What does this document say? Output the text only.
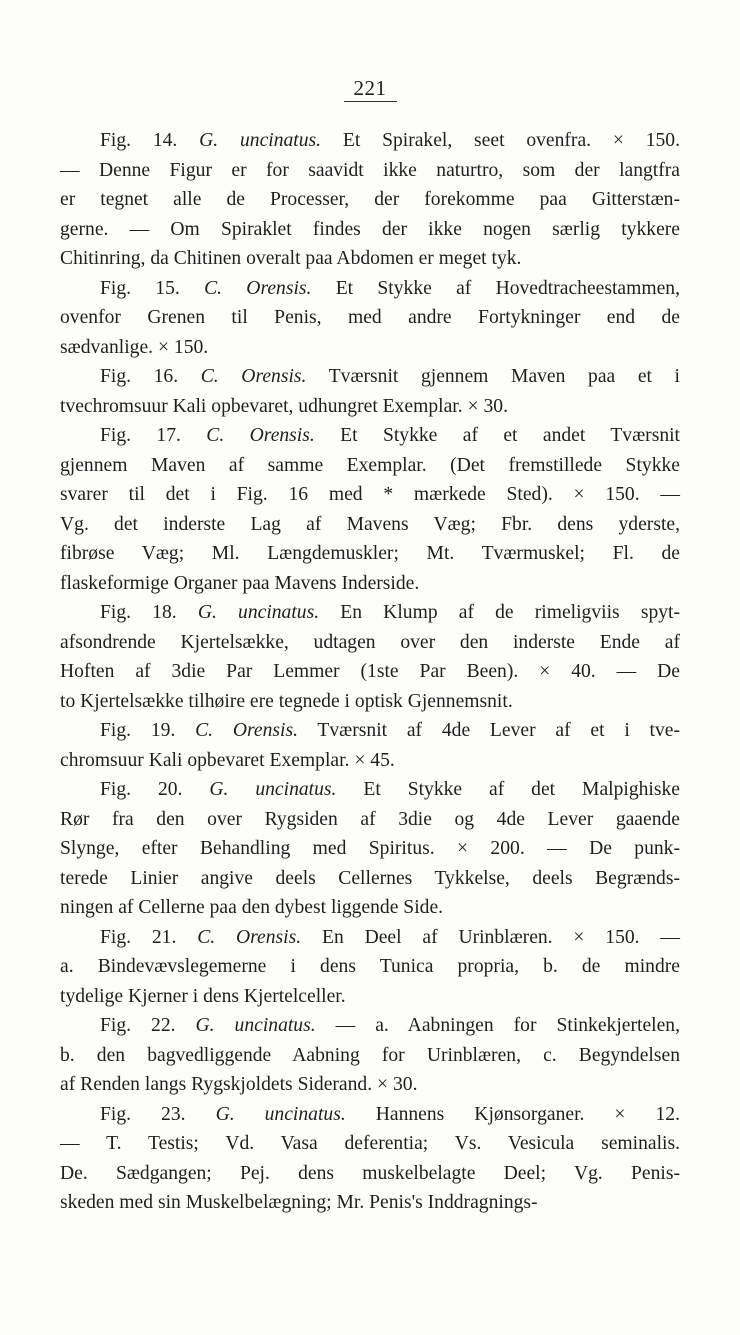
221
Fig. 14. G. uncinatus. Et Spirakel, seet ovenfra. × 150.
— Denne Figur er for saavidt ikke naturtro, som der langtfra
er tegnet alle de Processer, der forekomme paa Gitterstæn-
gerne. — Om Spiraklet findes der ikke nogen særlig tykkere
Chitinring, da Chitinen overalt paa Abdomen er meget tyk.
Fig. 15. C. Orensis. Et Stykke af Hovedtracheestammen,
ovenfor Grenen til Penis, med andre Fortykninger end de
sædvanlige. × 150.
Fig. 16. C. Orensis. Tværsnit gjennem Maven paa et i
tvechromsuur Kali opbevaret, udhungret Exemplar. × 30.
Fig. 17. C. Orensis. Et Stykke af et andet Tværsnit
gjennem Maven af samme Exemplar. (Det fremstillede Stykke
svarer til det i Fig. 16 med * mærkede Sted). × 150. —
Vg. det inderste Lag af Mavens Væg; Fbr. dens yderste,
fibrøse Væg; Ml. Længdemuskler; Mt. Tværmuskel; Fl. de
flaskeformige Organer paa Mavens Inderside.
Fig. 18. G. uncinatus. En Klump af de rimeligviis spyt-
afsondrende Kjertelsække, udtagen over den inderste Ende af
Hoften af 3die Par Lemmer (1ste Par Been). × 40. — De
to Kjertelsække tilhøire ere tegnede i optisk Gjennemsnit.
Fig. 19. C. Orensis. Tværsnit af 4de Lever af et i tve-
chromsuur Kali opbevaret Exemplar. × 45.
Fig. 20. G. uncinatus. Et Stykke af det Malpighiske
Rør fra den over Rygsiden af 3die og 4de Lever gaaende
Slynge, efter Behandling med Spiritus. × 200. — De punk-
terede Linier angive deels Cellernes Tykkelse, deels Begrænds-
ningen af Cellerne paa den dybest liggende Side.
Fig. 21. C. Orensis. En Deel af Urinblæren. × 150. —
a. Bindevævslegemerne i dens Tunica propria, b. de mindre
tydelige Kjerner i dens Kjertelceller.
Fig. 22. G. uncinatus. — a. Aabningen for Stinkekjertelen,
b. den bagvedliggende Aabning for Urinblæren, c. Begyndelsen
af Renden langs Rygskjoldets Siderand. × 30.
Fig. 23. G. uncinatus. Hannens Kjønsorganer. × 12.
— T. Testis; Vd. Vasa deferentia; Vs. Vesicula seminalis.
De. Sædgangen; Pej. dens muskelbelagte Deel; Vg. Penis-
skeden med sin Muskelbelægning; Mr. Penis's Inddragnings-
